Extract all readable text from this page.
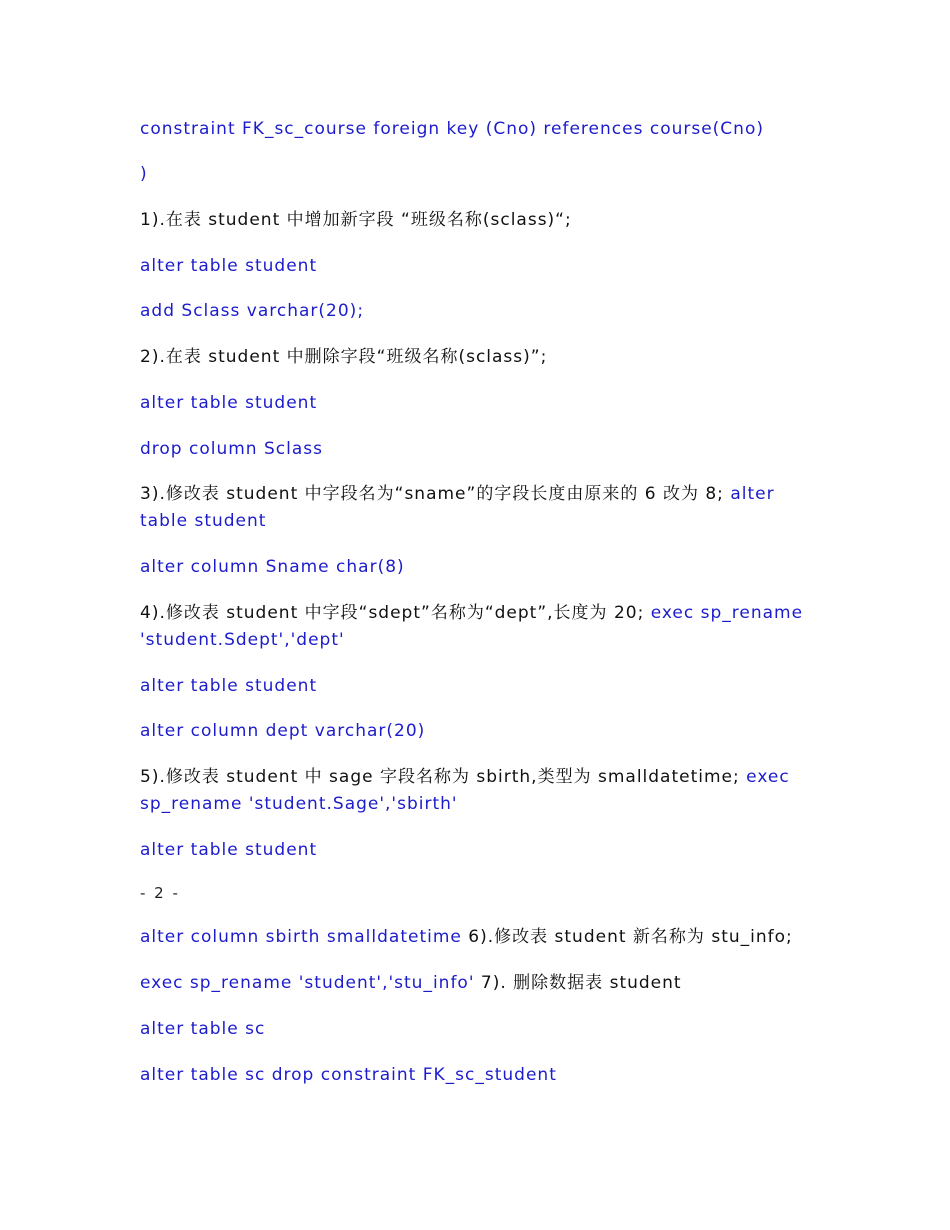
constraint FK_sc_course foreign key (Cno) references course(Cno)
)
1).在表 student 中增加新字段 “班级名称(sclass)“;
alter table student
add Sclass varchar(20);
2).在表 student 中删除字段“班级名称(sclass)”;
alter table student
drop column Sclass
3).修改表 student 中字段名为“sname”的字段长度由原来的 6 改为 8; alter table student
alter column Sname char(8)
4).修改表 student 中字段“sdept”名称为“dept”,长度为 20; exec sp_rename 'student.Sdept','dept'
alter table student
alter column dept varchar(20)
5).修改表 student 中 sage 字段名称为 sbirth,类型为 smalldatetime; exec sp_rename 'student.Sage','sbirth'
alter table student
- 2 -
alter column sbirth smalldatetime 6).修改表 student 新名称为 stu_info;
exec sp_rename 'student','stu_info' 7). 删除数据表 student
alter table sc
alter table sc drop constraint FK_sc_student
